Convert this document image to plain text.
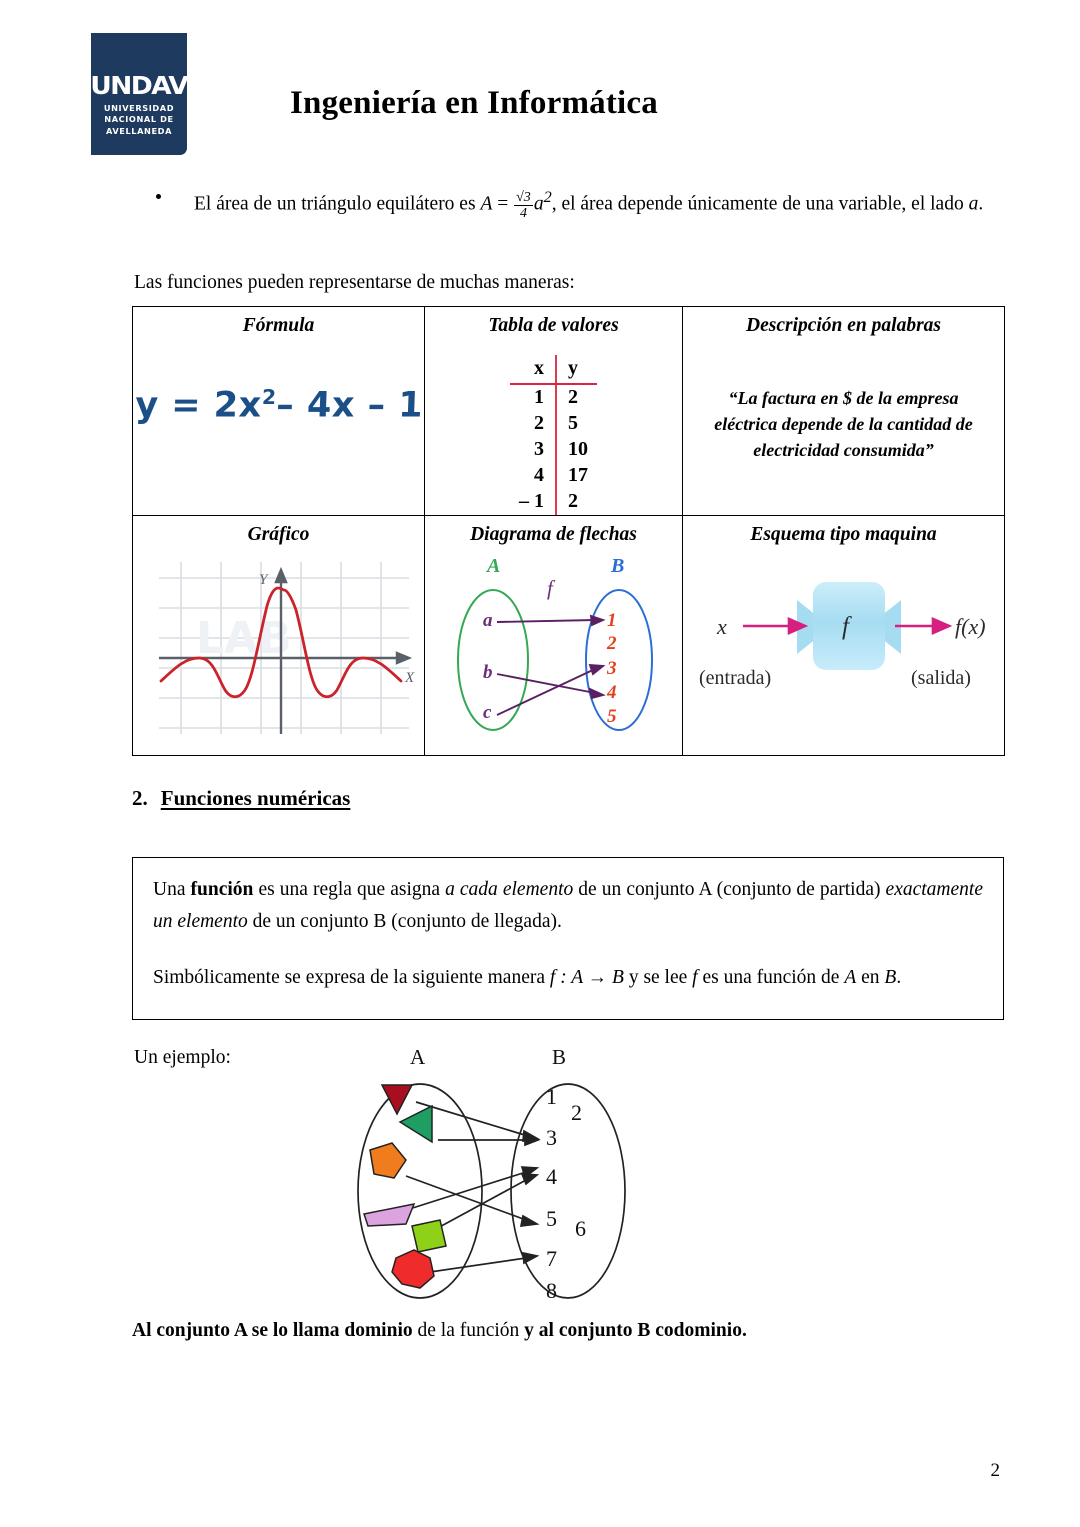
UNDAV
UNIVERSIDAD
NACIONAL DE
AVELLANEDA
Ingeniería en Informática
El área de un triángulo equilátero es $A = \frac{√3}{4} a^2$, el área depende únicamente de una variable, el lado a.
Las funciones pueden representarse de muchas maneras:
Fórmula
$y = 2x^2-$ 4x – 1

Tabla de valores
x	y
1	2
2	5
3	10
4	17
– 1	2

Descripción en palabras
“La factura en $ de la empresa eléctrica depende de la cantidad de electricidad consumida”

Gráfico
LAB
Y
X

Diagrama de flechas
A	B
f
a
b
c
1
2
3
4
5

Esquema tipo maquina
f
x	f(x)
(entrada)	(salida)
2. Funciones numéricas

Una función es una regla que asigna a cada elemento de un conjunto A (conjunto de partida) exactamente un elemento de un conjunto B (conjunto de llegada).

Simbólicamente se expresa de la siguiente manera f : A → B y se lee f es una función de A en B.

Un ejemplo:	A	B
1
2
3
4
5 6
7
8
Al conjunto A se lo llama dominio de la función y al conjunto B codominio.
2
